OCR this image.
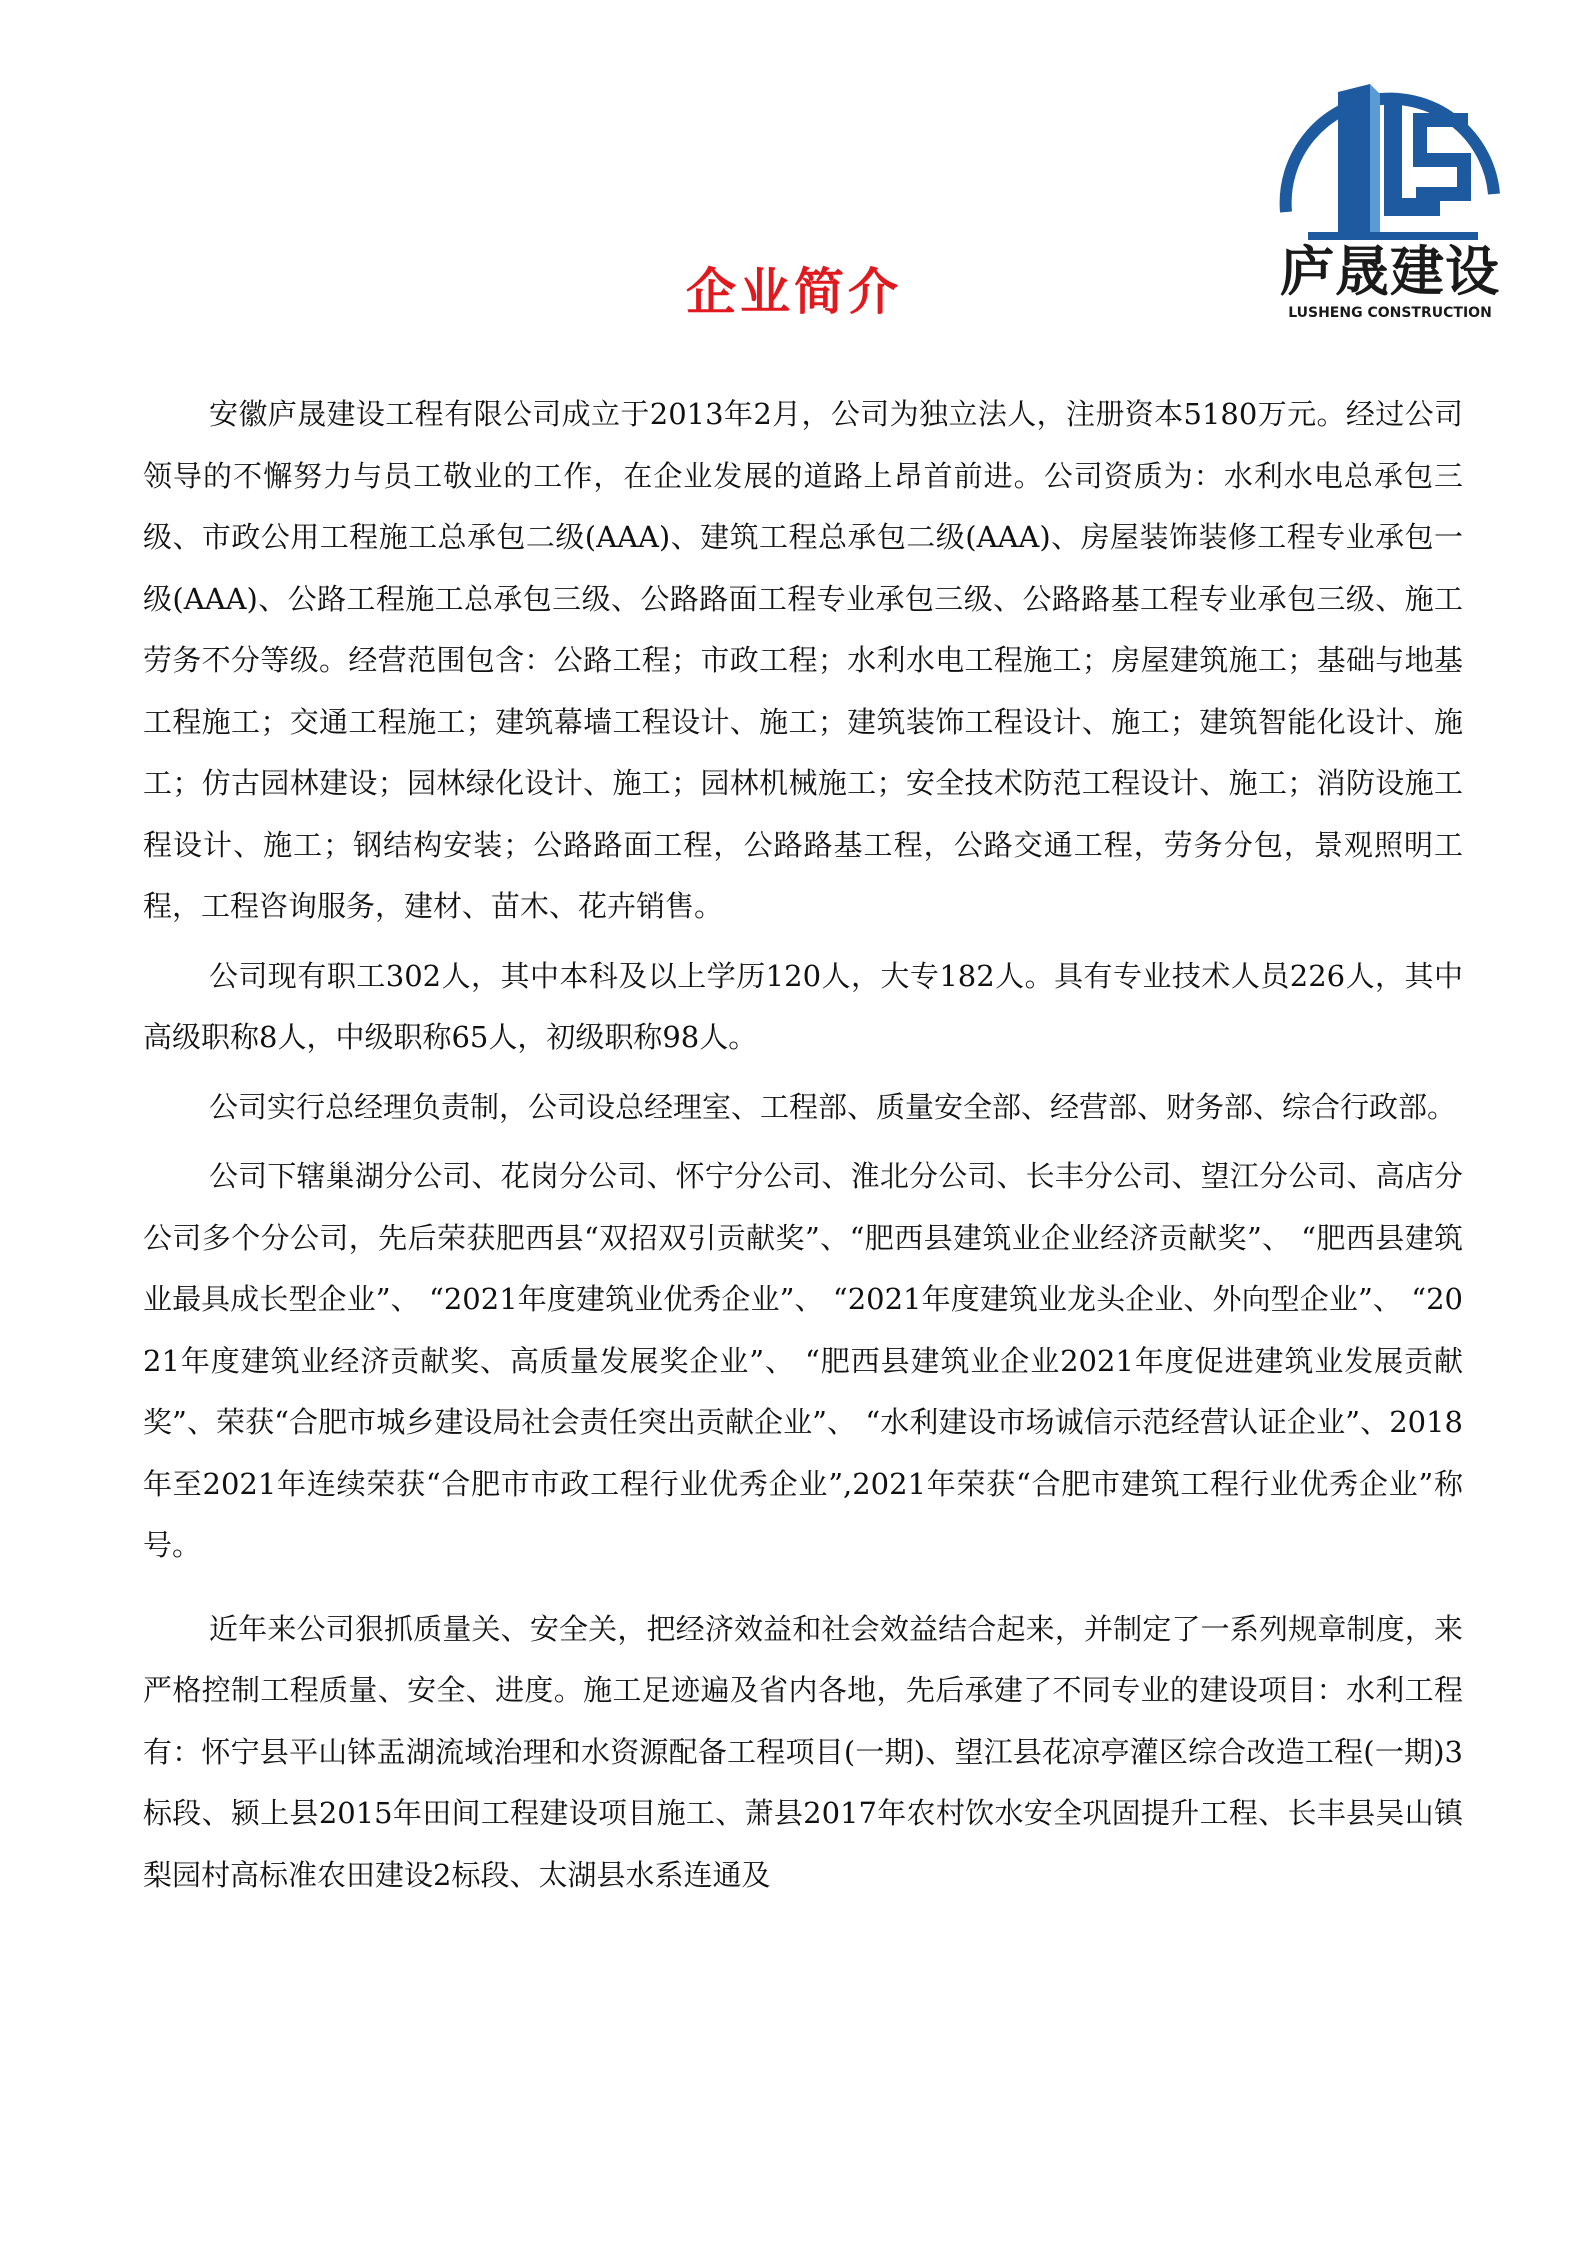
庐晟建设
LUSHENG CONSTRUCTION
企业简介

安徽庐晟建设工程有限公司成立于2013年2月，公司为独立法人，注册资本5180万元。经过公司领导的不懈努力与员工敬业的工作，在企业发展的道路上昂首前进。公司资质为：水利水电总承包三级、市政公用工程施工总承包二级(AAA)、建筑工程总承包二级(AAA)、房屋装饰装修工程专业承包一级(AAA)、公路工程施工总承包三级、公路路面工程专业承包三级、公路路基工程专业承包三级、施工劳务不分等级。经营范围包含：公路工程；市政工程；水利水电工程施工；房屋建筑施工；基础与地基工程施工；交通工程施工；建筑幕墙工程设计、施工；建筑装饰工程设计、施工；建筑智能化设计、施工；仿古园林建设；园林绿化设计、施工；园林机械施工；安全技术防范工程设计、施工；消防设施工程设计、施工；钢结构安装；公路路面工程，公路路基工程，公路交通工程，劳务分包，景观照明工程，工程咨询服务，建材、苗木、花卉销售。

公司现有职工302人，其中本科及以上学历120人，大专182人。具有专业技术人员226人，其中高级职称8人，中级职称65人，初级职称98人。

公司实行总经理负责制，公司设总经理室、工程部、质量安全部、经营部、财务部、综合行政部。

公司下辖巢湖分公司、花岗分公司、怀宁分公司、淮北分公司、长丰分公司、望江分公司、高店分公司多个分公司，先后荣获肥西县“双招双引贡献奖”、“肥西县建筑业企业经济贡献奖”、 “肥西县建筑业最具成长型企业”、 “2021年度建筑业优秀企业”、 “2021年度建筑业龙头企业、外向型企业”、 “2021年度建筑业经济贡献奖、高质量发展奖企业”、 “肥西县建筑业企业2021年度促进建筑业发展贡献奖”、荣获“合肥市城乡建设局社会责任突出贡献企业”、 “水利建设市场诚信示范经营认证企业”、2018年至2021年连续荣获“合肥市市政工程行业优秀企业”,2021年荣获“合肥市建筑工程行业优秀企业”称号。

近年来公司狠抓质量关、安全关，把经济效益和社会效益结合起来，并制定了一系列规章制度，来严格控制工程质量、安全、进度。施工足迹遍及省内各地，先后承建了不同专业的建设项目：水利工程有：怀宁县平山钵盂湖流域治理和水资源配备工程项目(一期)、望江县花凉亭灌区综合改造工程(一期)3标段、颍上县2015年田间工程建设项目施工、萧县2017年农村饮水安全巩固提升工程、长丰县吴山镇梨园村高标准农田建设2标段、太湖县水系连通及
